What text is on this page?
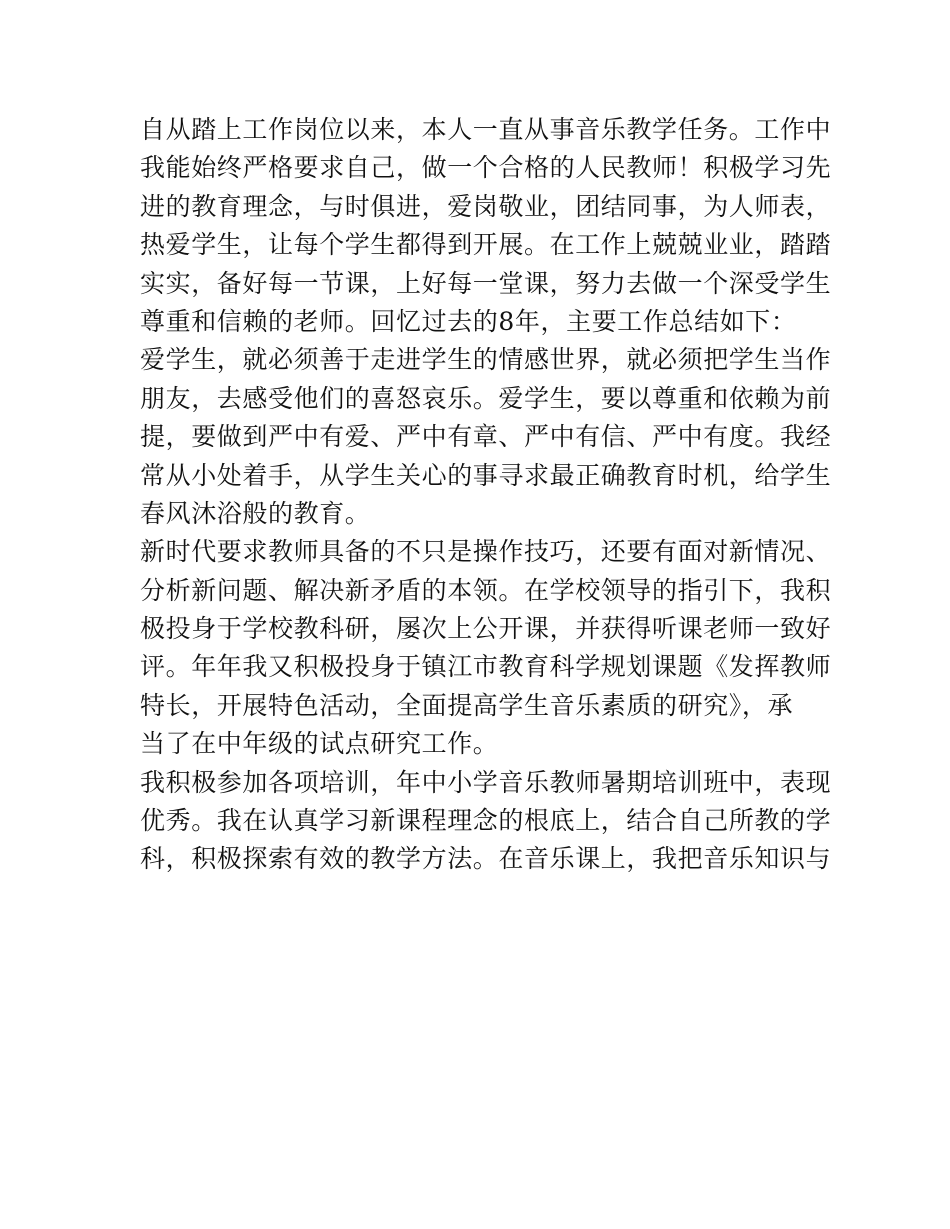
自从踏上工作岗位以来，本人一直从事音乐教学任务。工作中

我能始终严格要求自己，做一个合格的人民教师！积极学习先

进的教育理念，与时俱进，爱岗敬业，团结同事，为人师表，

热爱学生，让每个学生都得到开展。在工作上兢兢业业，踏踏

实实，备好每一节课，上好每一堂课，努力去做一个深受学生

尊重和信赖的老师。回忆过去的8年，主要工作总结如下：

爱学生，就必须善于走进学生的情感世界，就必须把学生当作

朋友，去感受他们的喜怒哀乐。爱学生，要以尊重和依赖为前

提，要做到严中有爱、严中有章、严中有信、严中有度。我经

常从小处着手，从学生关心的事寻求最正确教育时机，给学生

春风沐浴般的教育。

新时代要求教师具备的不只是操作技巧，还要有面对新情况、

分析新问题、解决新矛盾的本领。在学校领导的指引下，我积

极投身于学校教科研，屡次上公开课，并获得听课老师一致好

评。年年我又积极投身于镇江市教育科学规划课题《发挥教师

特长，开展特色活动，全面提高学生音乐素质的研究》，承

当了在中年级的试点研究工作。

我积极参加各项培训，年中小学音乐教师暑期培训班中，表现

优秀。我在认真学习新课程理念的根底上，结合自己所教的学

科，积极探索有效的教学方法。在音乐课上，我把音乐知识与
